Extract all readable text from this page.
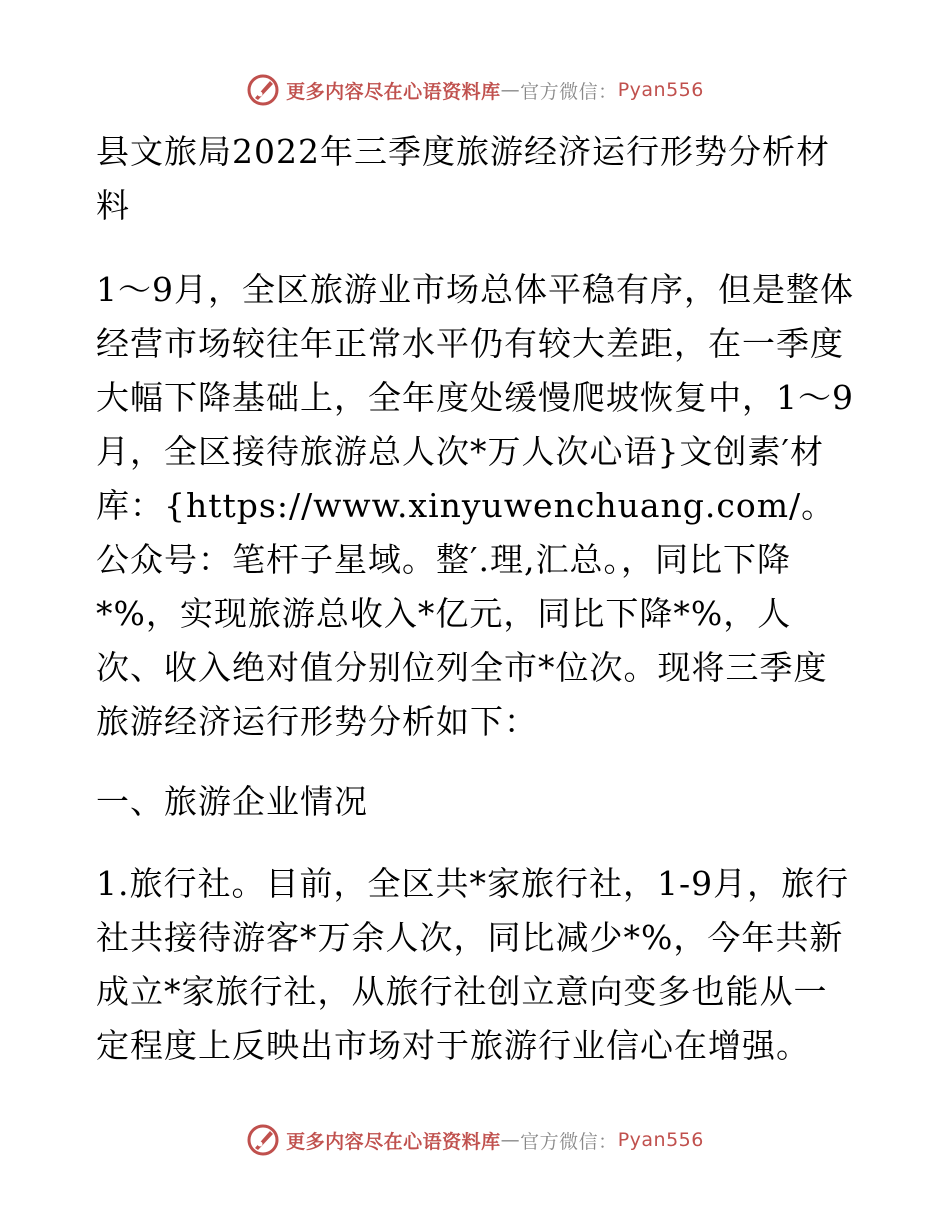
更多内容尽在心语资料库 — 官方微信： Pyan556

县文旅局2022年三季度旅游经济运行形势分析材料

1～9月，全区旅游业市场总体平稳有序，但是整体经营市场较往年正常水平仍有较大差距，在一季度大幅下降基础上，全年度处缓慢爬坡恢复中，1～9月，全区接待旅游总人次*万人次心语}文创素′材库：{https://www.xinyuwenchuang.com/。公众号：笔杆子星域。整′.理,汇总。，同比下降*%，实现旅游总收入*亿元，同比下降*%，人次、收入绝对值分别位列全市*位次。现将三季度旅游经济运行形势分析如下：

一、旅游企业情况

1.旅行社。目前，全区共*家旅行社，1-9月，旅行社共接待游客*万余人次，同比减少*%，今年共新成立*家旅行社，从旅行社创立意向变多也能从一定程度上反映出市场对于旅游行业信心在增强。

更多内容尽在心语资料库 — 官方微信： Pyan556
